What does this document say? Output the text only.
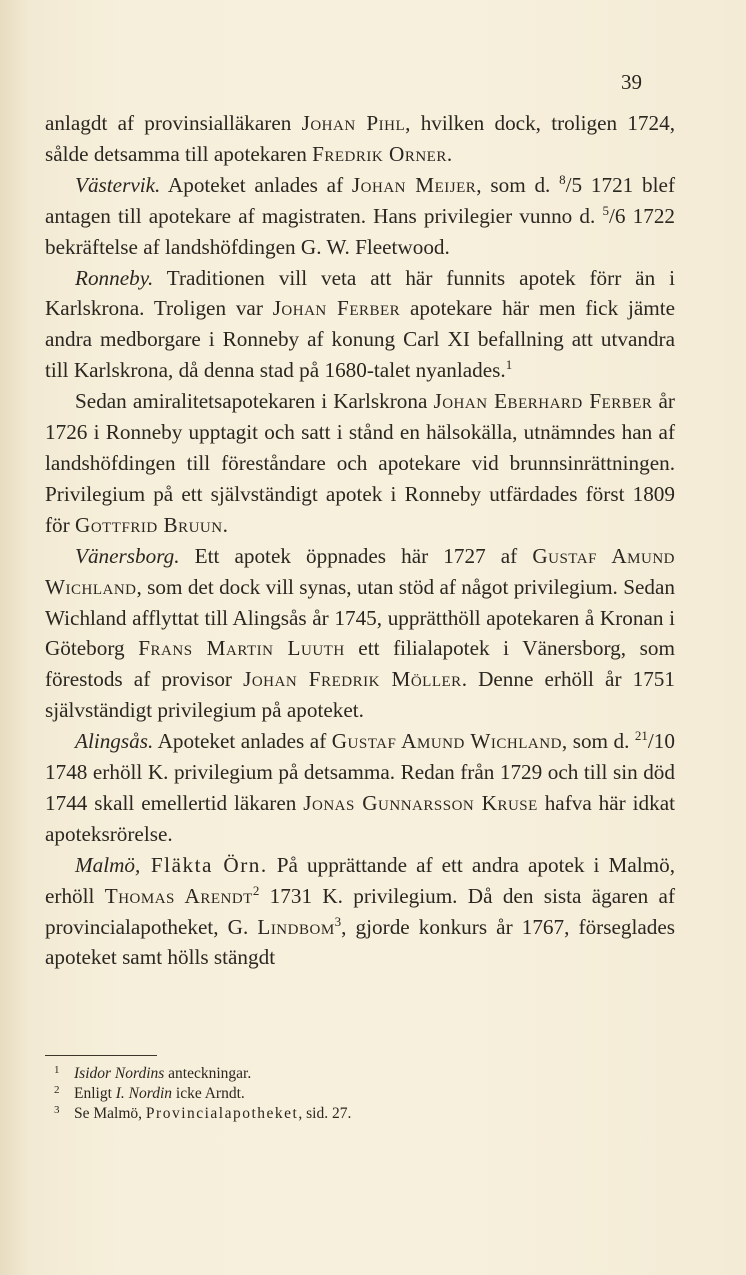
39

anlagdt af provinsialläkaren Johan Pihl, hvilken dock, troligen 1724, sålde detsamma till apotekaren Fredrik Orner.

Västervik. Apoteket anlades af Johan Meijer, som d. $^8$/5 1721 blef antagen till apotekare af magistraten. Hans privilegier vunno d. $^5$/6 1722 bekräftelse af landshöfdingen G. W. Fleetwood.

Ronneby. Traditionen vill veta att här funnits apotek förr än i Karlskrona. Troligen var Johan Ferber apotekare här men fick jämte andra medborgare i Ronneby af konung Carl XI befallning att utvandra till Karlskrona, då denna stad på 1680-talet nyanlades.$^1$

Sedan amiralitetsapotekaren i Karlskrona Johan Eberhard Ferber år 1726 i Ronneby upptagit och satt i stånd en hälsokälla, utnämndes han af landshöfdingen till föreståndare och apotekare vid brunnsinrättningen. Privilegium på ett självständigt apotek i Ronneby utfärdades först 1809 för Gottfrid Bruun.

Vänersborg. Ett apotek öppnades här 1727 af Gustaf Amund Wichland, som det dock vill synas, utan stöd af något privilegium. Sedan Wichland afflyttat till Alingsås år 1745, upprätthöll apotekaren å Kronan i Göteborg Frans Martin Luuth ett filialapotek i Vänersborg, som förestods af provisor Johan Fredrik Möller. Denne erhöll år 1751 självständigt privilegium på apoteket.

Alingsås. Apoteket anlades af Gustaf Amund Wichland, som d. $^{21}$/10 1748 erhöll K. privilegium på detsamma. Redan från 1729 och till sin död 1744 skall emellertid läkaren Jonas Gunnarsson Kruse hafva här idkat apoteksrörelse.

Malmö, Fläkta Örn. På upprättande af ett andra apotek i Malmö, erhöll Thomas Arendt$^2$ 1731 K. privilegium. Då den sista ägaren af provincialapotheket, G. Lindbom$^3$, gjorde konkurs år 1767, förseglades apoteket samt hölls stängdt

1 Isidor Nordins anteckningar.
2 Enligt I. Nordin icke Arndt.
3 Se Malmö, Provincialapotheket, sid. 27.
